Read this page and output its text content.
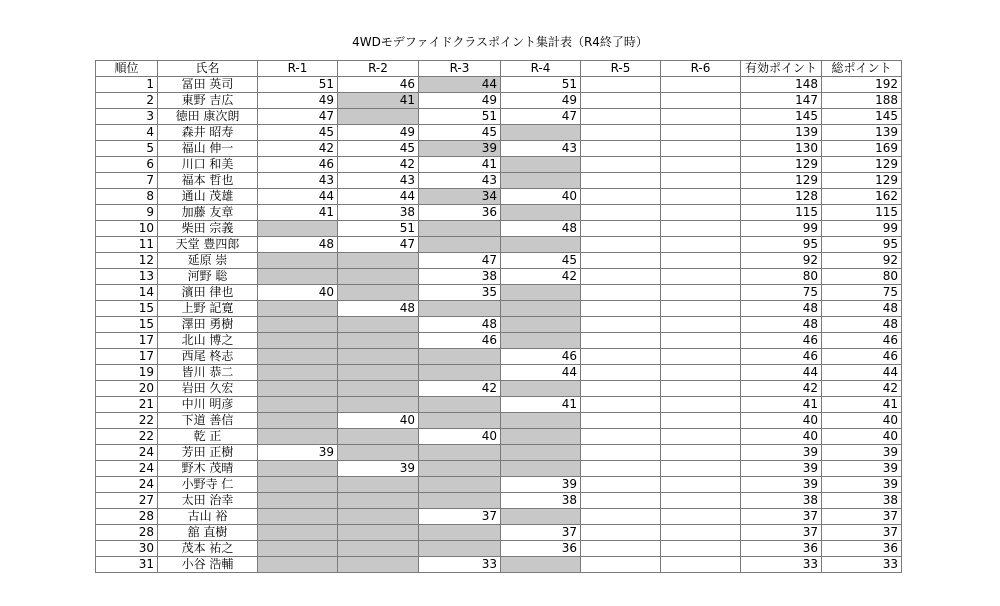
4WDモデファイドクラスポイント集計表（R4終了時）
順位	氏名	R-1	R-2	R-3	R-4	R-5	R-6	有効ポイント	総ポイント
1	冨田 英司	51	46	44	51			148	192
2	東野 吉広	49	41	49	49			147	188
3	徳田 康次朗	47		51	47			145	145
4	森井 昭寿	45	49	45				139	139
5	福山 伸一	42	45	39	43			130	169
6	川口 和美	46	42	41				129	129
7	福本 哲也	43	43	43				129	129
8	通山 茂雄	44	44	34	40			128	162
9	加藤 友章	41	38	36				115	115
10	柴田 宗義		51		48			99	99
11	天堂 豊四郎	48	47					95	95
12	延原 崇			47	45			92	92
13	河野 聡			38	42			80	80
14	濱田 律也	40		35				75	75
15	上野 記寛		48					48	48
15	澤田 勇樹			48				48	48
17	北山 博之			46				46	46
17	西尾 柊志				46			46	46
19	皆川 恭二				44			44	44
20	岩田 久宏			42				42	42
21	中川 明彦				41			41	41
22	下道 善信		40					40	40
22	乾 正			40				40	40
24	芳田 正樹	39						39	39
24	野木 茂晴		39					39	39
24	小野寺 仁				39			39	39
27	太田 治幸				38			38	38
28	古山 裕			37				37	37
28	舘 直樹				37			37	37
30	茂本 祐之				36			36	36
31	小谷 浩輔			33				33	33
